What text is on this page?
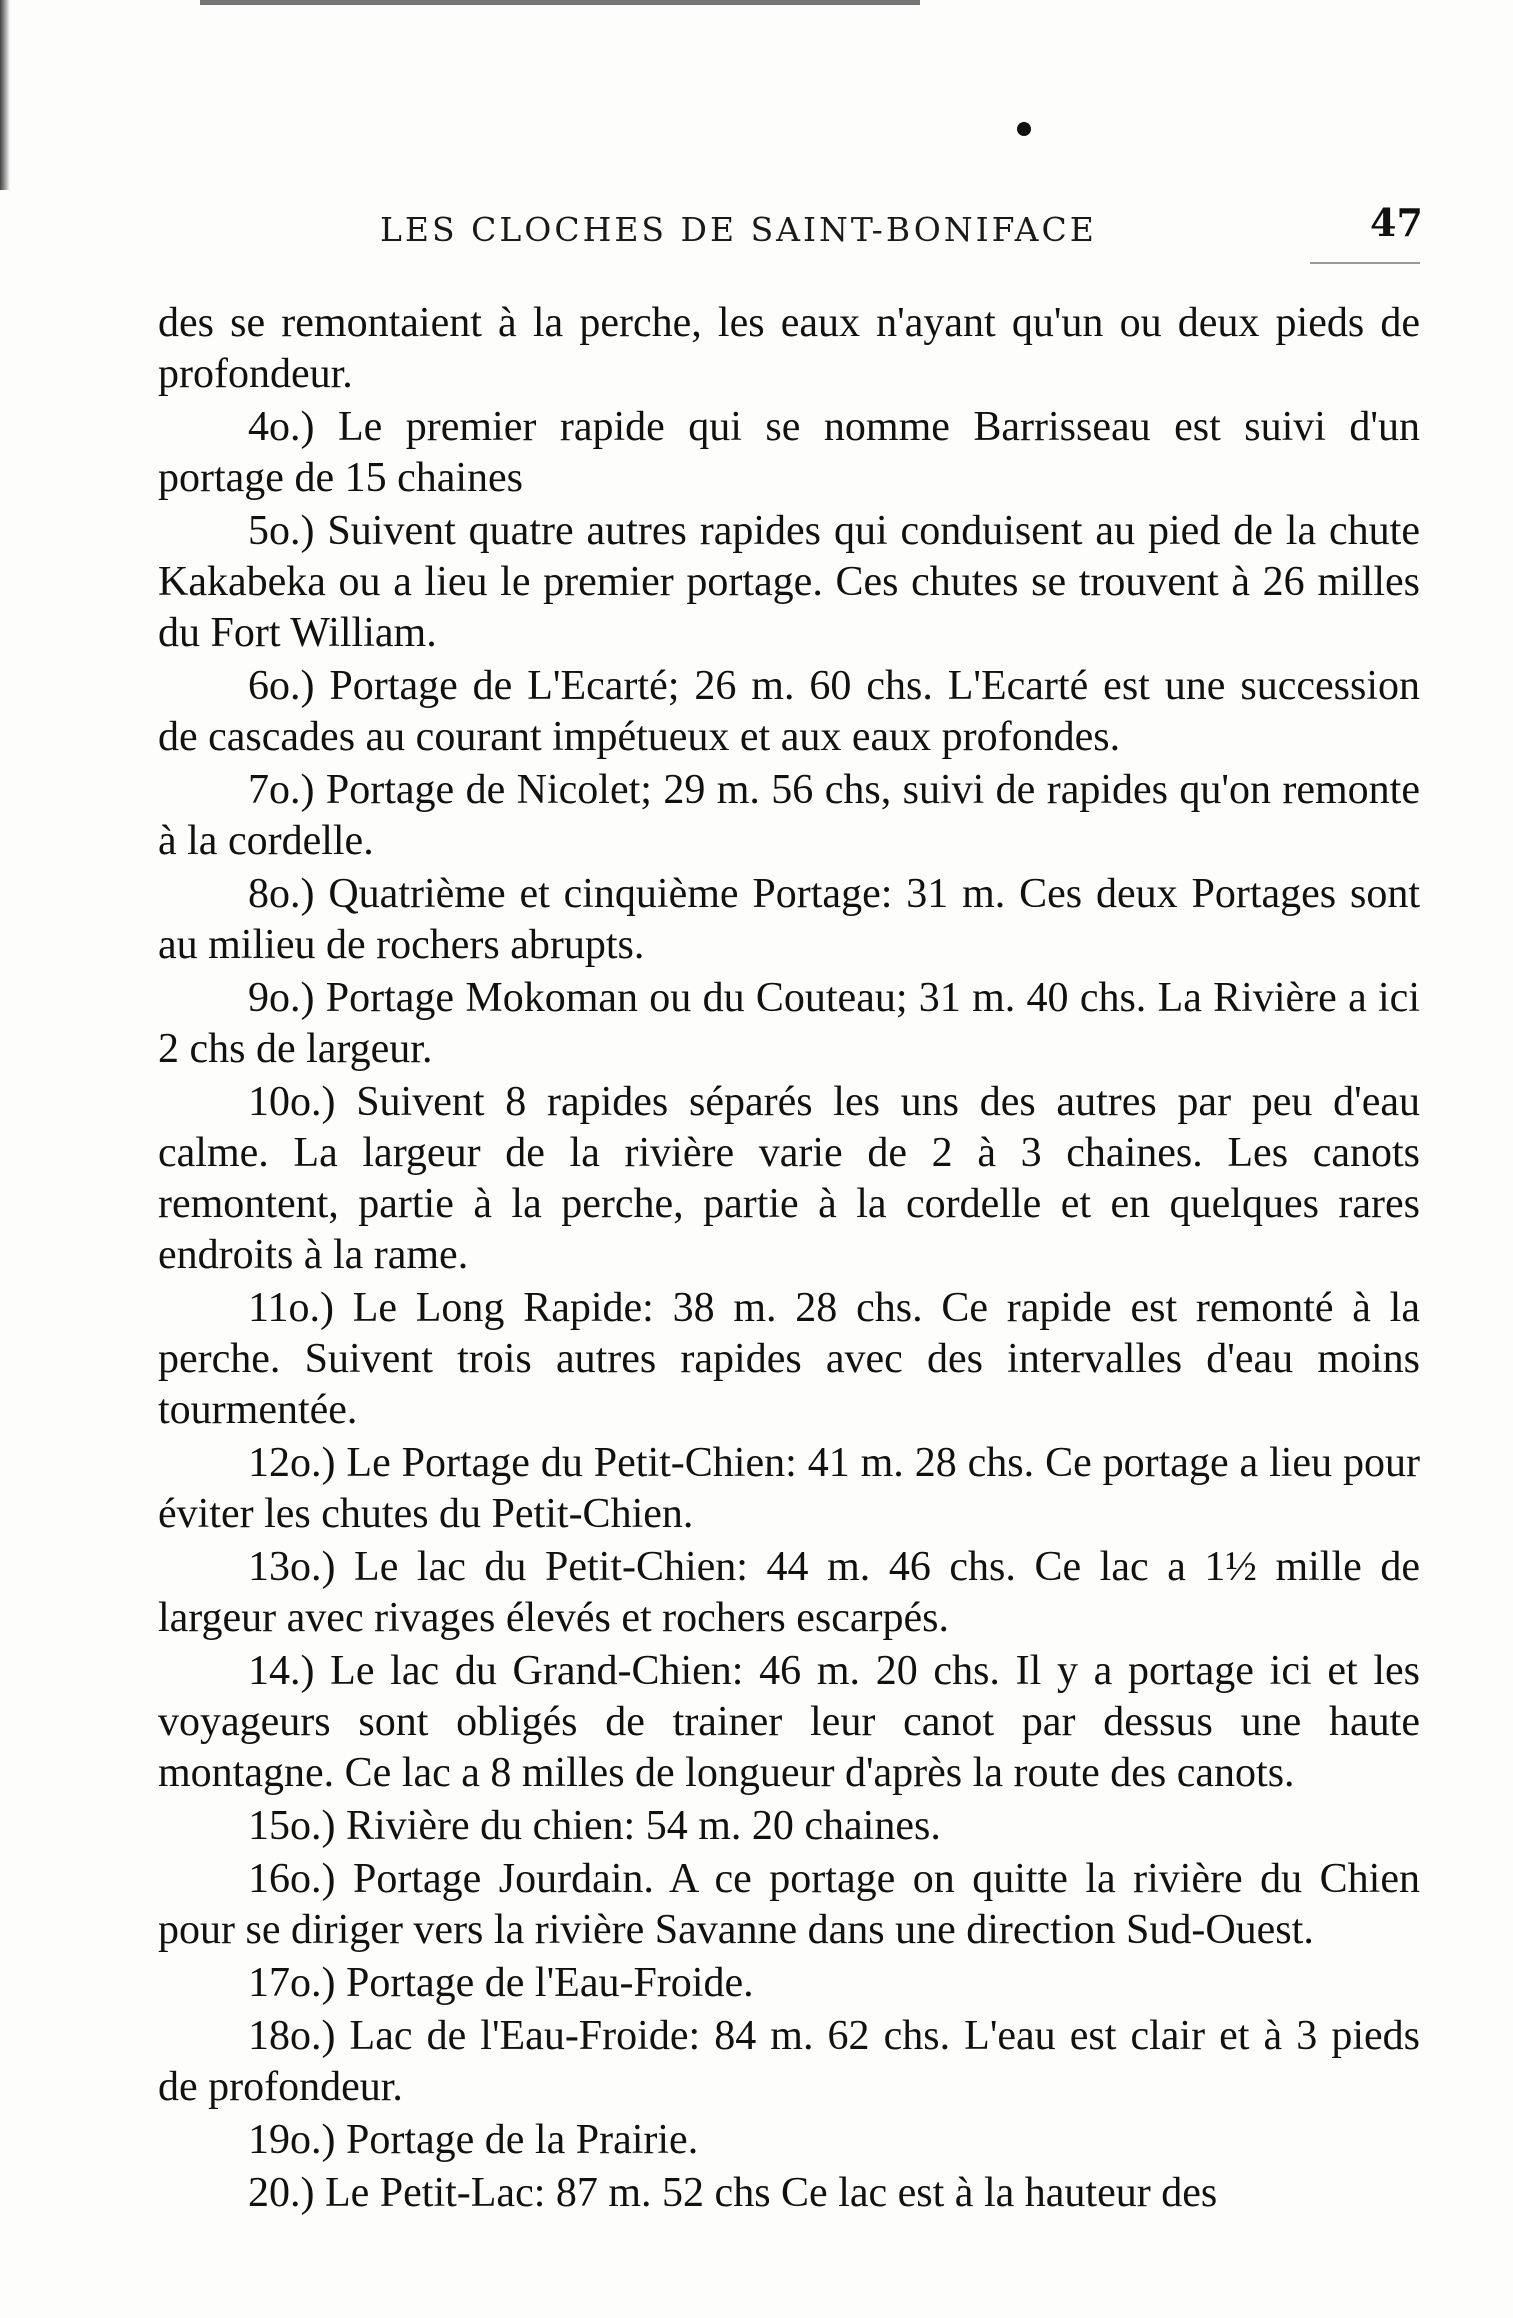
LES CLOCHES DE SAINT-BONIFACE	47

des se remontaient à la perche, les eaux n'ayant qu'un ou deux pieds de profondeur.

4o.) Le premier rapide qui se nomme Barrisseau est suivi d'un portage de 15 chaines

5o.) Suivent quatre autres rapides qui conduisent au pied de la chute Kakabeka ou a lieu le premier portage. Ces chutes se trouvent à 26 milles du Fort William.

6o.) Portage de L'Ecarté; 26 m. 60 chs. L'Ecarté est une succession de cascades au courant impétueux et aux eaux profondes.

7o.) Portage de Nicolet; 29 m. 56 chs, suivi de rapides qu'on remonte à la cordelle.

8o.) Quatrième et cinquième Portage: 31 m. Ces deux Portages sont au milieu de rochers abrupts.

9o.) Portage Mokoman ou du Couteau; 31 m. 40 chs. La Rivière a ici 2 chs de largeur.

10o.) Suivent 8 rapides séparés les uns des autres par peu d'eau calme. La largeur de la rivière varie de 2 à 3 chaines. Les canots remontent, partie à la perche, partie à la cordelle et en quelques rares endroits à la rame.

11o.) Le Long Rapide: 38 m. 28 chs. Ce rapide est remonté à la perche. Suivent trois autres rapides avec des intervalles d'eau moins tourmentée.

12o.) Le Portage du Petit-Chien: 41 m. 28 chs. Ce portage a lieu pour éviter les chutes du Petit-Chien.

13o.) Le lac du Petit-Chien: 44 m. 46 chs. Ce lac a 1½ mille de largeur avec rivages élevés et rochers escarpés.

14.) Le lac du Grand-Chien: 46 m. 20 chs. Il y a portage ici et les voyageurs sont obligés de trainer leur canot par dessus une haute montagne. Ce lac a 8 milles de longueur d'après la route des canots.

15o.) Rivière du chien: 54 m. 20 chaines.

16o.) Portage Jourdain. A ce portage on quitte la rivière du Chien pour se diriger vers la rivière Savanne dans une direction Sud-Ouest.

17o.) Portage de l'Eau-Froide.

18o.) Lac de l'Eau-Froide: 84 m. 62 chs. L'eau est clair et à 3 pieds de profondeur.

19o.) Portage de la Prairie.

20.) Le Petit-Lac: 87 m. 52 chs Ce lac est à la hauteur des
